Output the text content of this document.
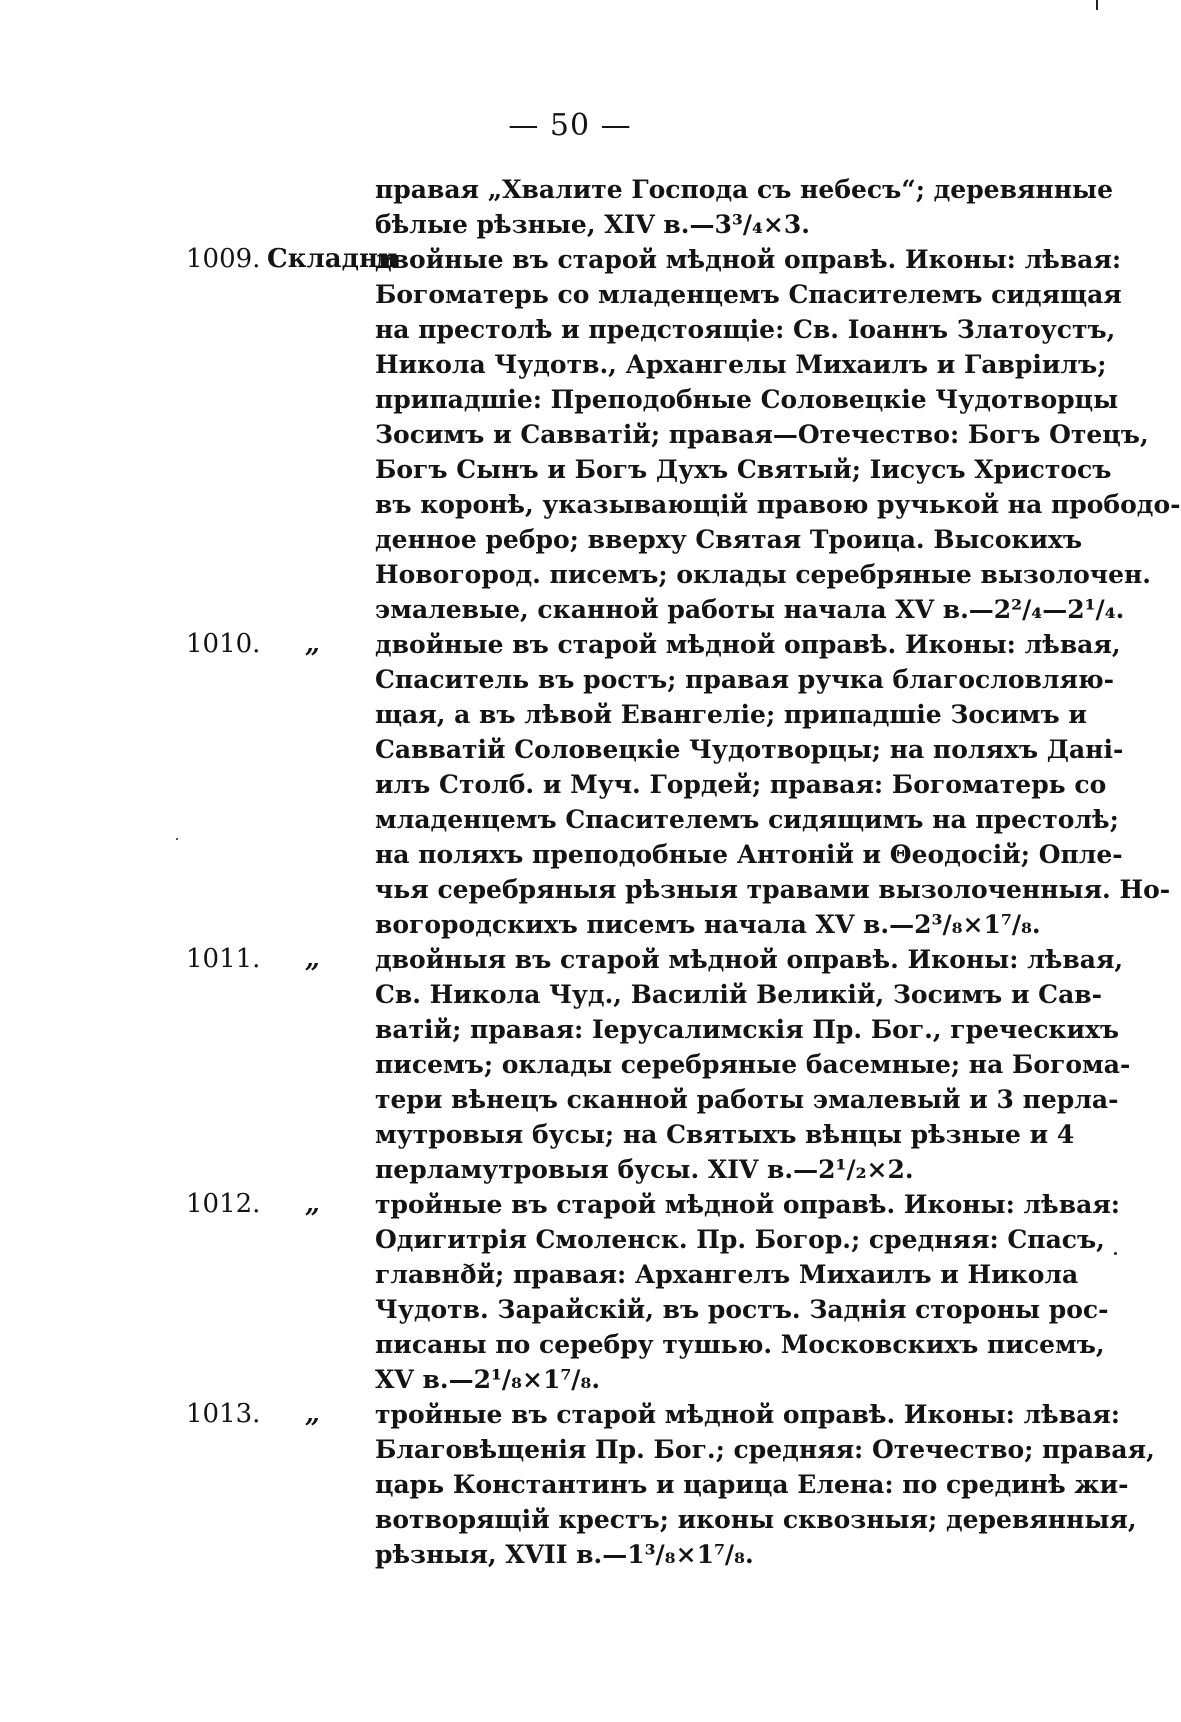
— 50 —
правая „Хвалите Господа съ небесъ“; деревянные
бѣлые рѣзные, XIV в.—3³/₄×3.
1009. Складни
двойные въ старой мѣдной оправѣ. Иконы: лѣвая:
Богоматерь со младенцемъ Спасителемъ сидящая
на престолѣ и предстоящіе: Св. Іоаннъ Златоустъ,
Никола Чудотв., Архангелы Михаилъ и Гавріилъ;
припадшіе: Преподобные Соловецкіе Чудотворцы
Зосимъ и Савватій; правая—Отечество: Богъ Отецъ,
Богъ Сынъ и Богъ Духъ Святый; Іисусъ Христосъ
въ коронѣ, указывающій правою ручькой на прободо-
денное ребро; вверху Святая Троица. Высокихъ
Новогород. писемъ; оклады серебряные вызолочен.
эмалевые, сканной работы начала XV в.—2²/₄—2¹/₄.
1010. „ двойные въ старой мѣдной оправѣ. Иконы: лѣвая,
Спаситель въ ростъ; правая ручка благословляю-
щая, а въ лѣвой Евангеліе; припадшіе Зосимъ и
Савватій Соловецкіе Чудотворцы; на поляхъ Дані-
илъ Столб. и Муч. Гордей; правая: Богоматерь со
младенцемъ Спасителемъ сидящимъ на престолѣ;
на поляхъ преподобные Антоній и Θеодосій; Опле-
чья серебряныя рѣзныя травами вызолоченныя. Но-
вогородскихъ писемъ начала XV в.—2³/₈×1⁷/₈.
1011. „ двойныя въ старой мѣдной оправѣ. Иконы: лѣвая,
Св. Никола Чуд., Василій Великій, Зосимъ и Сав-
ватій; правая: Іерусалимскія Пр. Бог., греческихъ
писемъ; оклады серебряные басемные; на Богома-
тери вѣнецъ сканной работы эмалевый и 3 перла-
мутровыя бусы; на Святыхъ вѣнцы рѣзные и 4
перламутровыя бусы. XIV в.—2¹/₂×2.
1012. „ тройные въ старой мѣдной оправѣ. Иконы: лѣвая:
Одигитрія Смоленск. Пр. Богор.; средняя: Спасъ,
главнðй; правая: Архангелъ Михаилъ и Никола
Чудотв. Зарайскій, въ ростъ. Заднія стороны рос-
писаны по серебру тушью. Московскихъ писемъ,
XV в.—2¹/₈×1⁷/₈.
1013. „ тройные въ старой мѣдной оправѣ. Иконы: лѣвая:
Благовѣщенія Пр. Бог.; средняя: Отечество; правая,
царь Константинъ и царица Елена: по срединѣ жи-
вотворящій крестъ; иконы сквозныя; деревянныя,
рѣзныя, XVII в.—1³/₈×1⁷/₈.
